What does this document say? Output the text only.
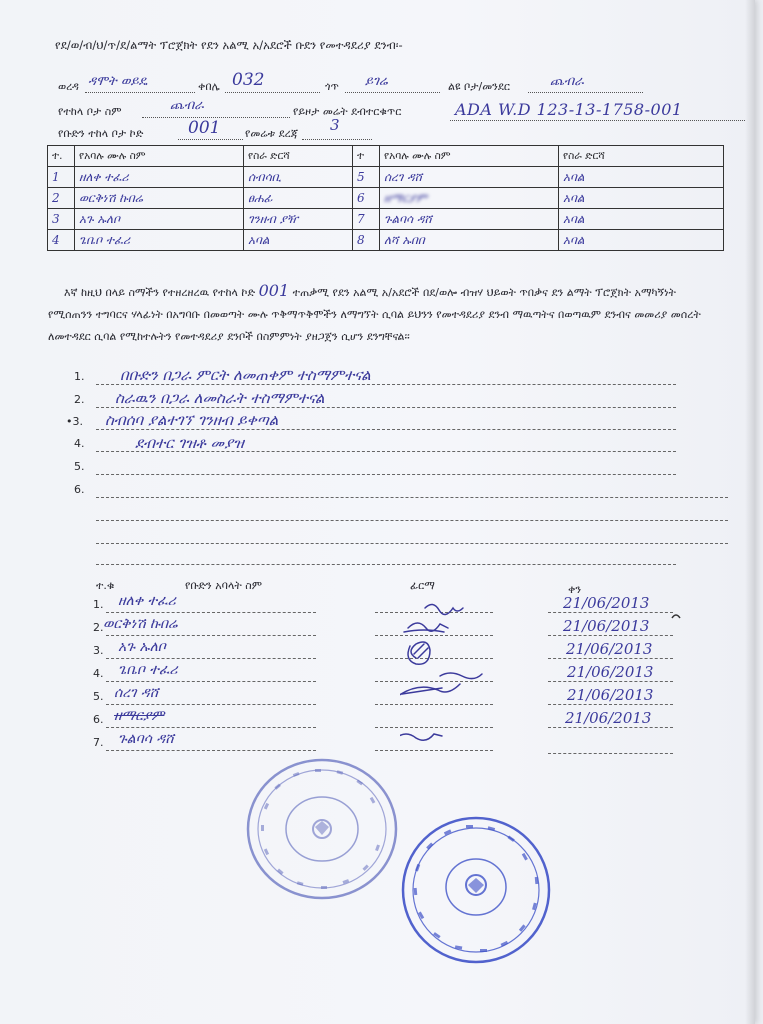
የደ/ወ/ብ/ህ/ጥ/ደ/ልማት ፕሮጀክት የደን አልሚ አ/አደሮች ቡደን የመተዳደሪያ ደንብ፡-
ወረዳ ዳሞት ወይዴ	ቀበሌ 032	ጎጥ ይገሬ	ልዩ ቦታ/መንደር	ጨብራ
የተከላ ቦታ ስም	ጨብራ	የይዞታ መሬት ደብተርቁጥር	ADA W.D 123-13-1758-001
የቡድን ተከላ ቦታ ኮድ	001 የመሬቱ ደረጃ 3
ተ.	የአባሉ ሙሉ ስም	የስራ ድርሻ	ተ	የአባሉ ሙሉ ስም	የስራ ድርሻ
1	ዘለቀ ተፈሪ	ሰብሳቢ	5	ሰረገ ዳሸ	አባል
2	ወርቅነሽ ኩበሬ	ፀሐፊ	6	ዘማርያም	አባል
3	አጉ ኡለቦ	ገንዘብ ያዥ	7	ጉልባሳ ዳሸ	አባል
4	ጌቤቦ ተፈሪ	አባል	8	ለሻ ኡበበ	አባል
እኛ ከዚህ በላይ ስማችን የተዘረዘረዉ የተከላ ኮድ 001 ተጠቃሚ የደን አልሚ አ/አደሮች በደ/ወሎ ብዝሃ ህይወት ጥበቃና ደን ልማት ፕሮጀክት አማካኝነት የሚሰጠንን ተግባርና ሃላፊነት በአግባቡ በመወጣት ሙሉ ጥቅማጥቅሞችን ለማግኘት ሲባል ይህንን የመተዳደሪያ ደንብ ማዉጣትና በወጣዉም ደንብና መመሪያ መሰረት ለመተዳደር ሲባል የሚከተሉትን የመተዳደሪያ ደንቦች በስምምነት ያዘጋጀን ሲሆን ደንግቸናል፡፡
1. በቡድን በጋራ ምርት ለመጠቀም ተስማምተናል
2. ስራዉን በጋራ ለመስራት ተስማምተናል
•3. ስብሰባ ያልተገኘ ገንዘብ ይቀጣል
4.	ደብተር ገዝቶ መያዝ
5.
6.
ተ.ቁ	የቡድን አባላት ስም	ፊርማ	ቀን
1. ዘለቀ ተፈሪ	21/06/2013
2. ወርቅነሽ ኩበሬ	21/06/2013
3. አጉ ኡለቦ	21/06/2013
4. ጌቤቦ ተፈሪ	21/06/2013
5. ሰረገ ዳሸ	21/06/2013
6. ዘማርያም	21/06/2013
7. ጉልባሳ ዳሸ
